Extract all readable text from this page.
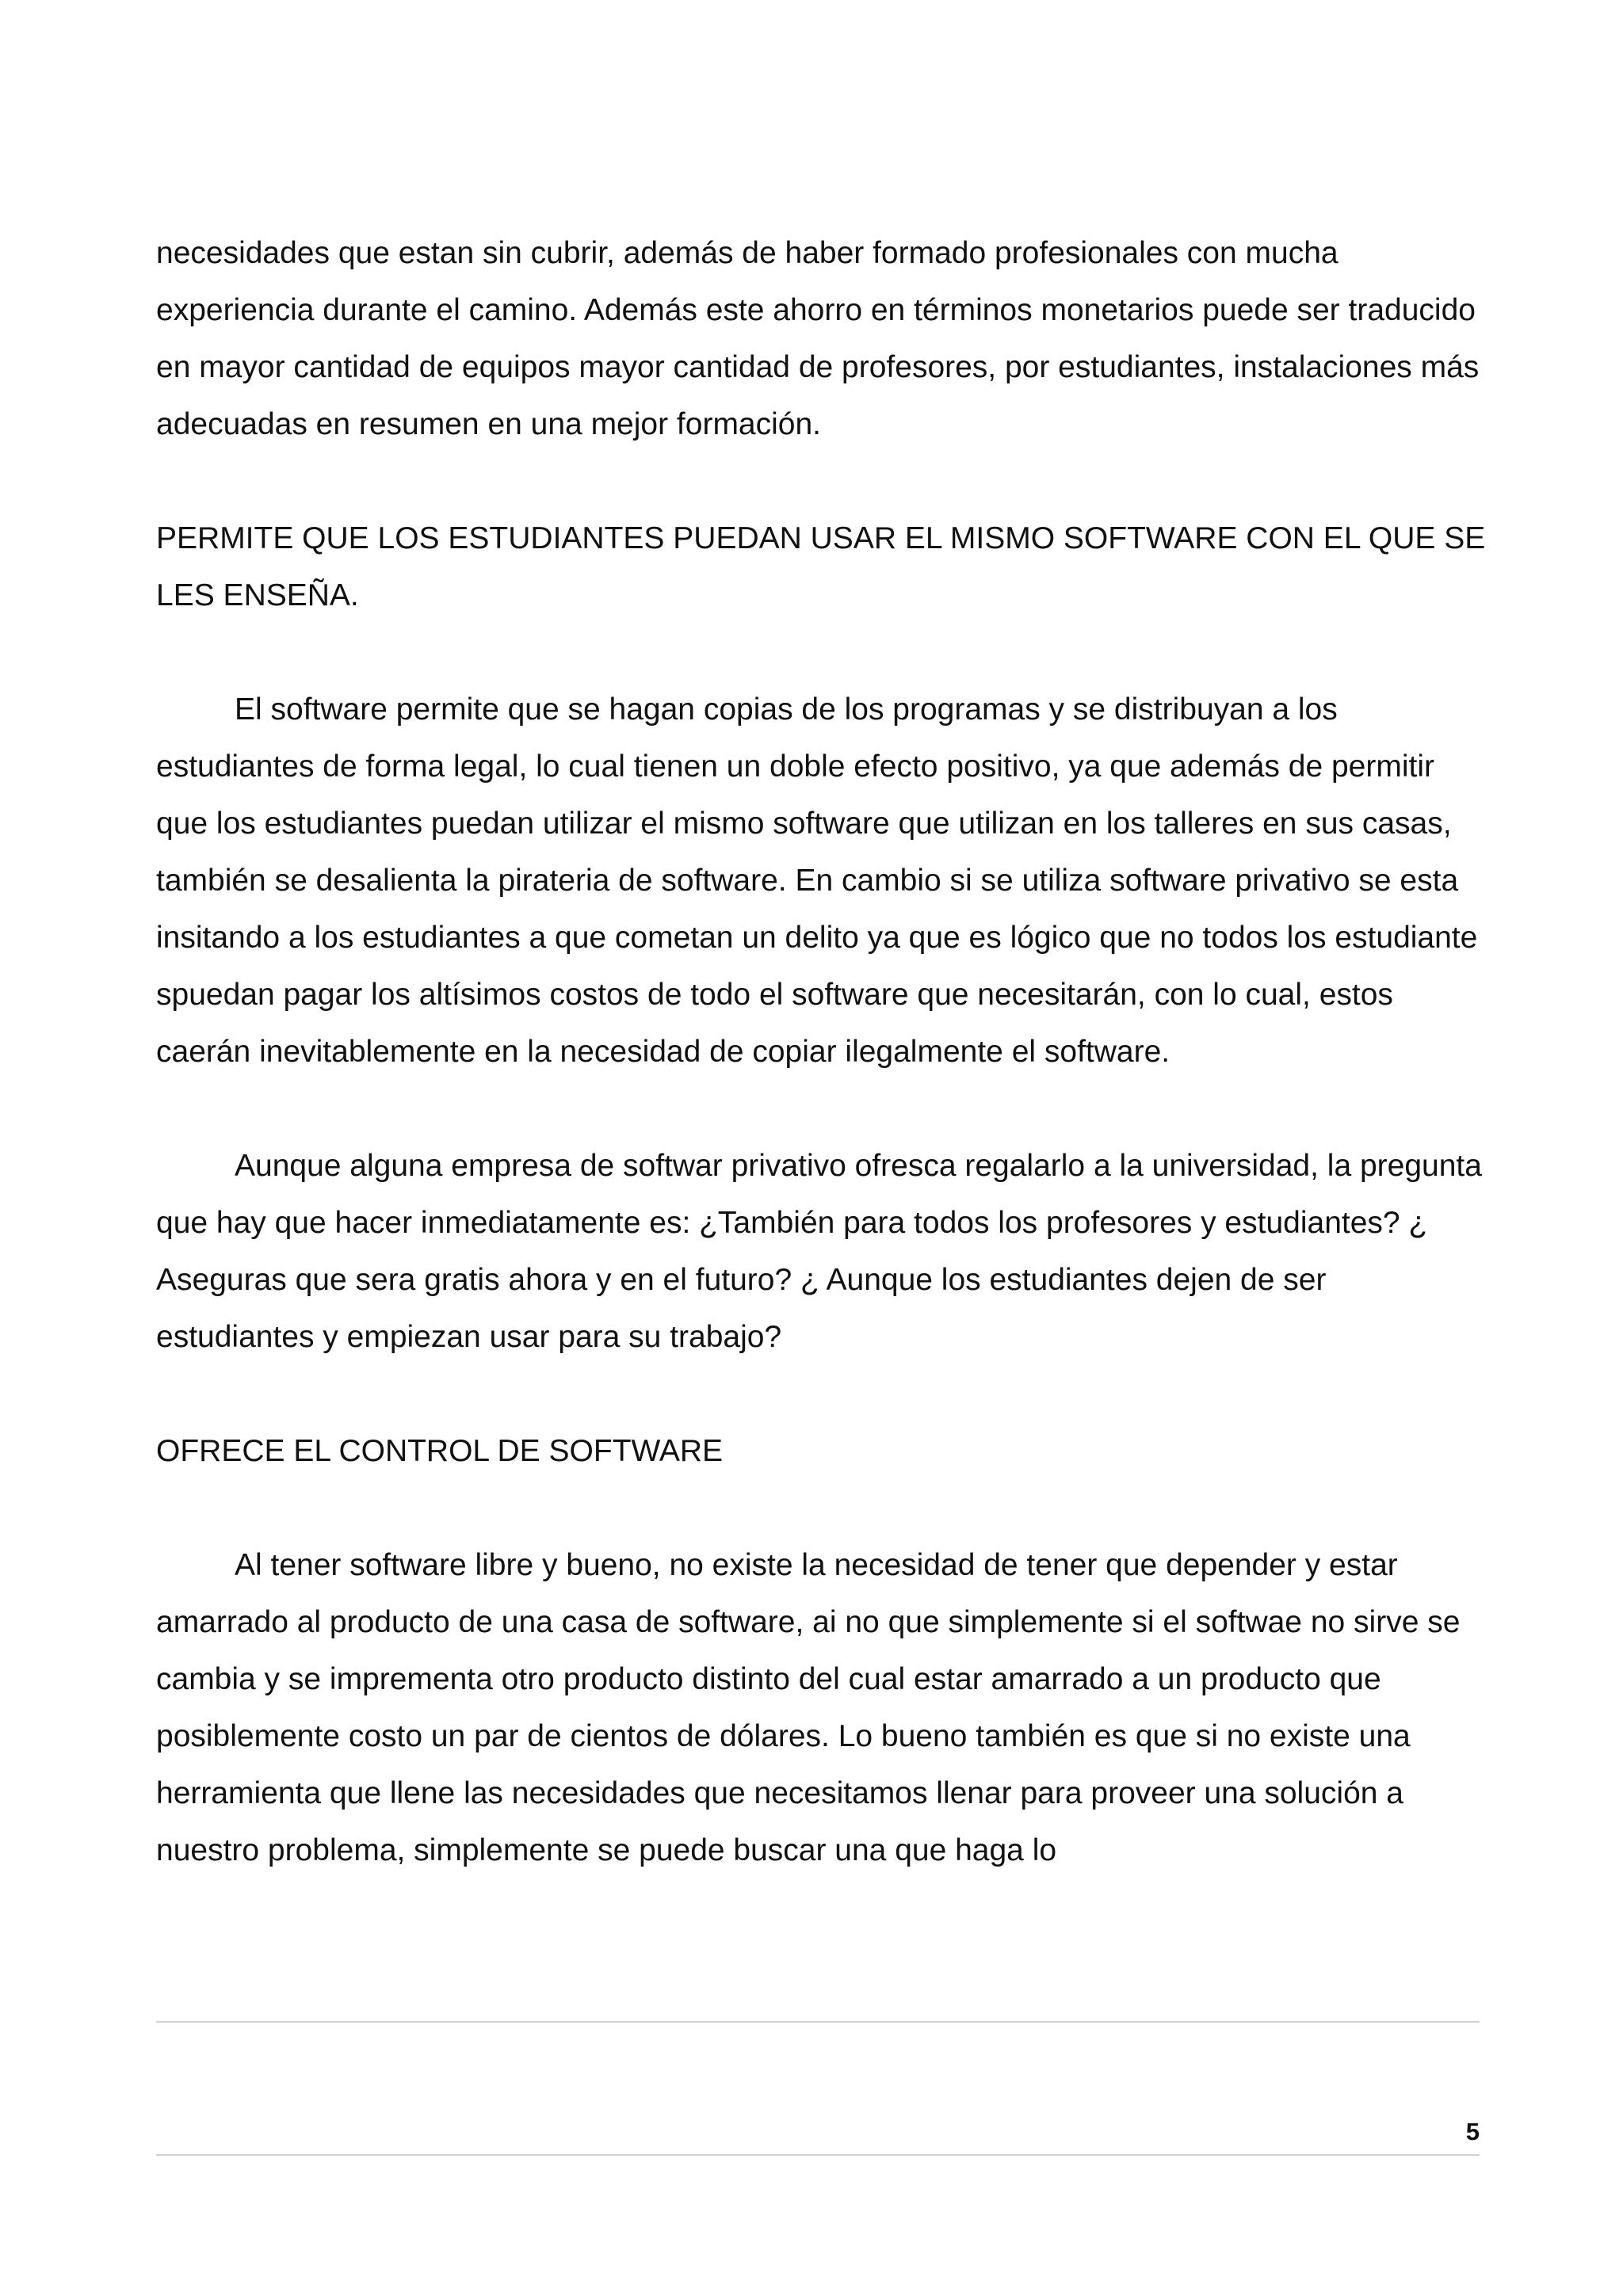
necesidades que estan sin cubrir, además de haber formado profesionales con mucha experiencia durante el camino. Además este ahorro en términos monetarios puede ser traducido en mayor cantidad de equipos mayor cantidad de profesores, por estudiantes, instalaciones más adecuadas en resumen en una mejor formación.

PERMITE QUE LOS ESTUDIANTES PUEDAN USAR EL MISMO SOFTWARE CON EL QUE SE LES ENSEÑA.

El software permite que se hagan copias de los programas y se distribuyan a los estudiantes de forma legal, lo cual tienen un doble efecto positivo, ya que además de permitir que los estudiantes puedan utilizar el mismo software que utilizan en los talleres en sus casas, también se desalienta la pirateria de software. En cambio si se utiliza software privativo se esta insitando a los estudiantes a que cometan un delito ya que es lógico que no todos los estudiante spuedan pagar los altísimos costos de todo el software que necesitarán, con lo cual, estos caerán inevitablemente en la necesidad de copiar ilegalmente el software.

Aunque alguna empresa de softwar privativo ofresca regalarlo a la universidad, la pregunta que hay que hacer inmediatamente es: ¿También para todos los profesores y estudiantes? ¿ Aseguras que sera gratis ahora y en el futuro? ¿ Aunque los estudiantes dejen de ser estudiantes y empiezan usar para su trabajo?

OFRECE EL CONTROL DE SOFTWARE

Al tener software libre y bueno, no existe la necesidad de tener que depender y estar amarrado al producto de una casa de software, ai no que simplemente si el softwae no sirve se cambia y se imprementa otro producto distinto del cual estar amarrado a un producto que posiblemente costo un par de cientos de dólares. Lo bueno también es que si no existe una herramienta que llene las necesidades que necesitamos llenar para proveer una solución a nuestro problema, simplemente se puede buscar una que haga lo

5
